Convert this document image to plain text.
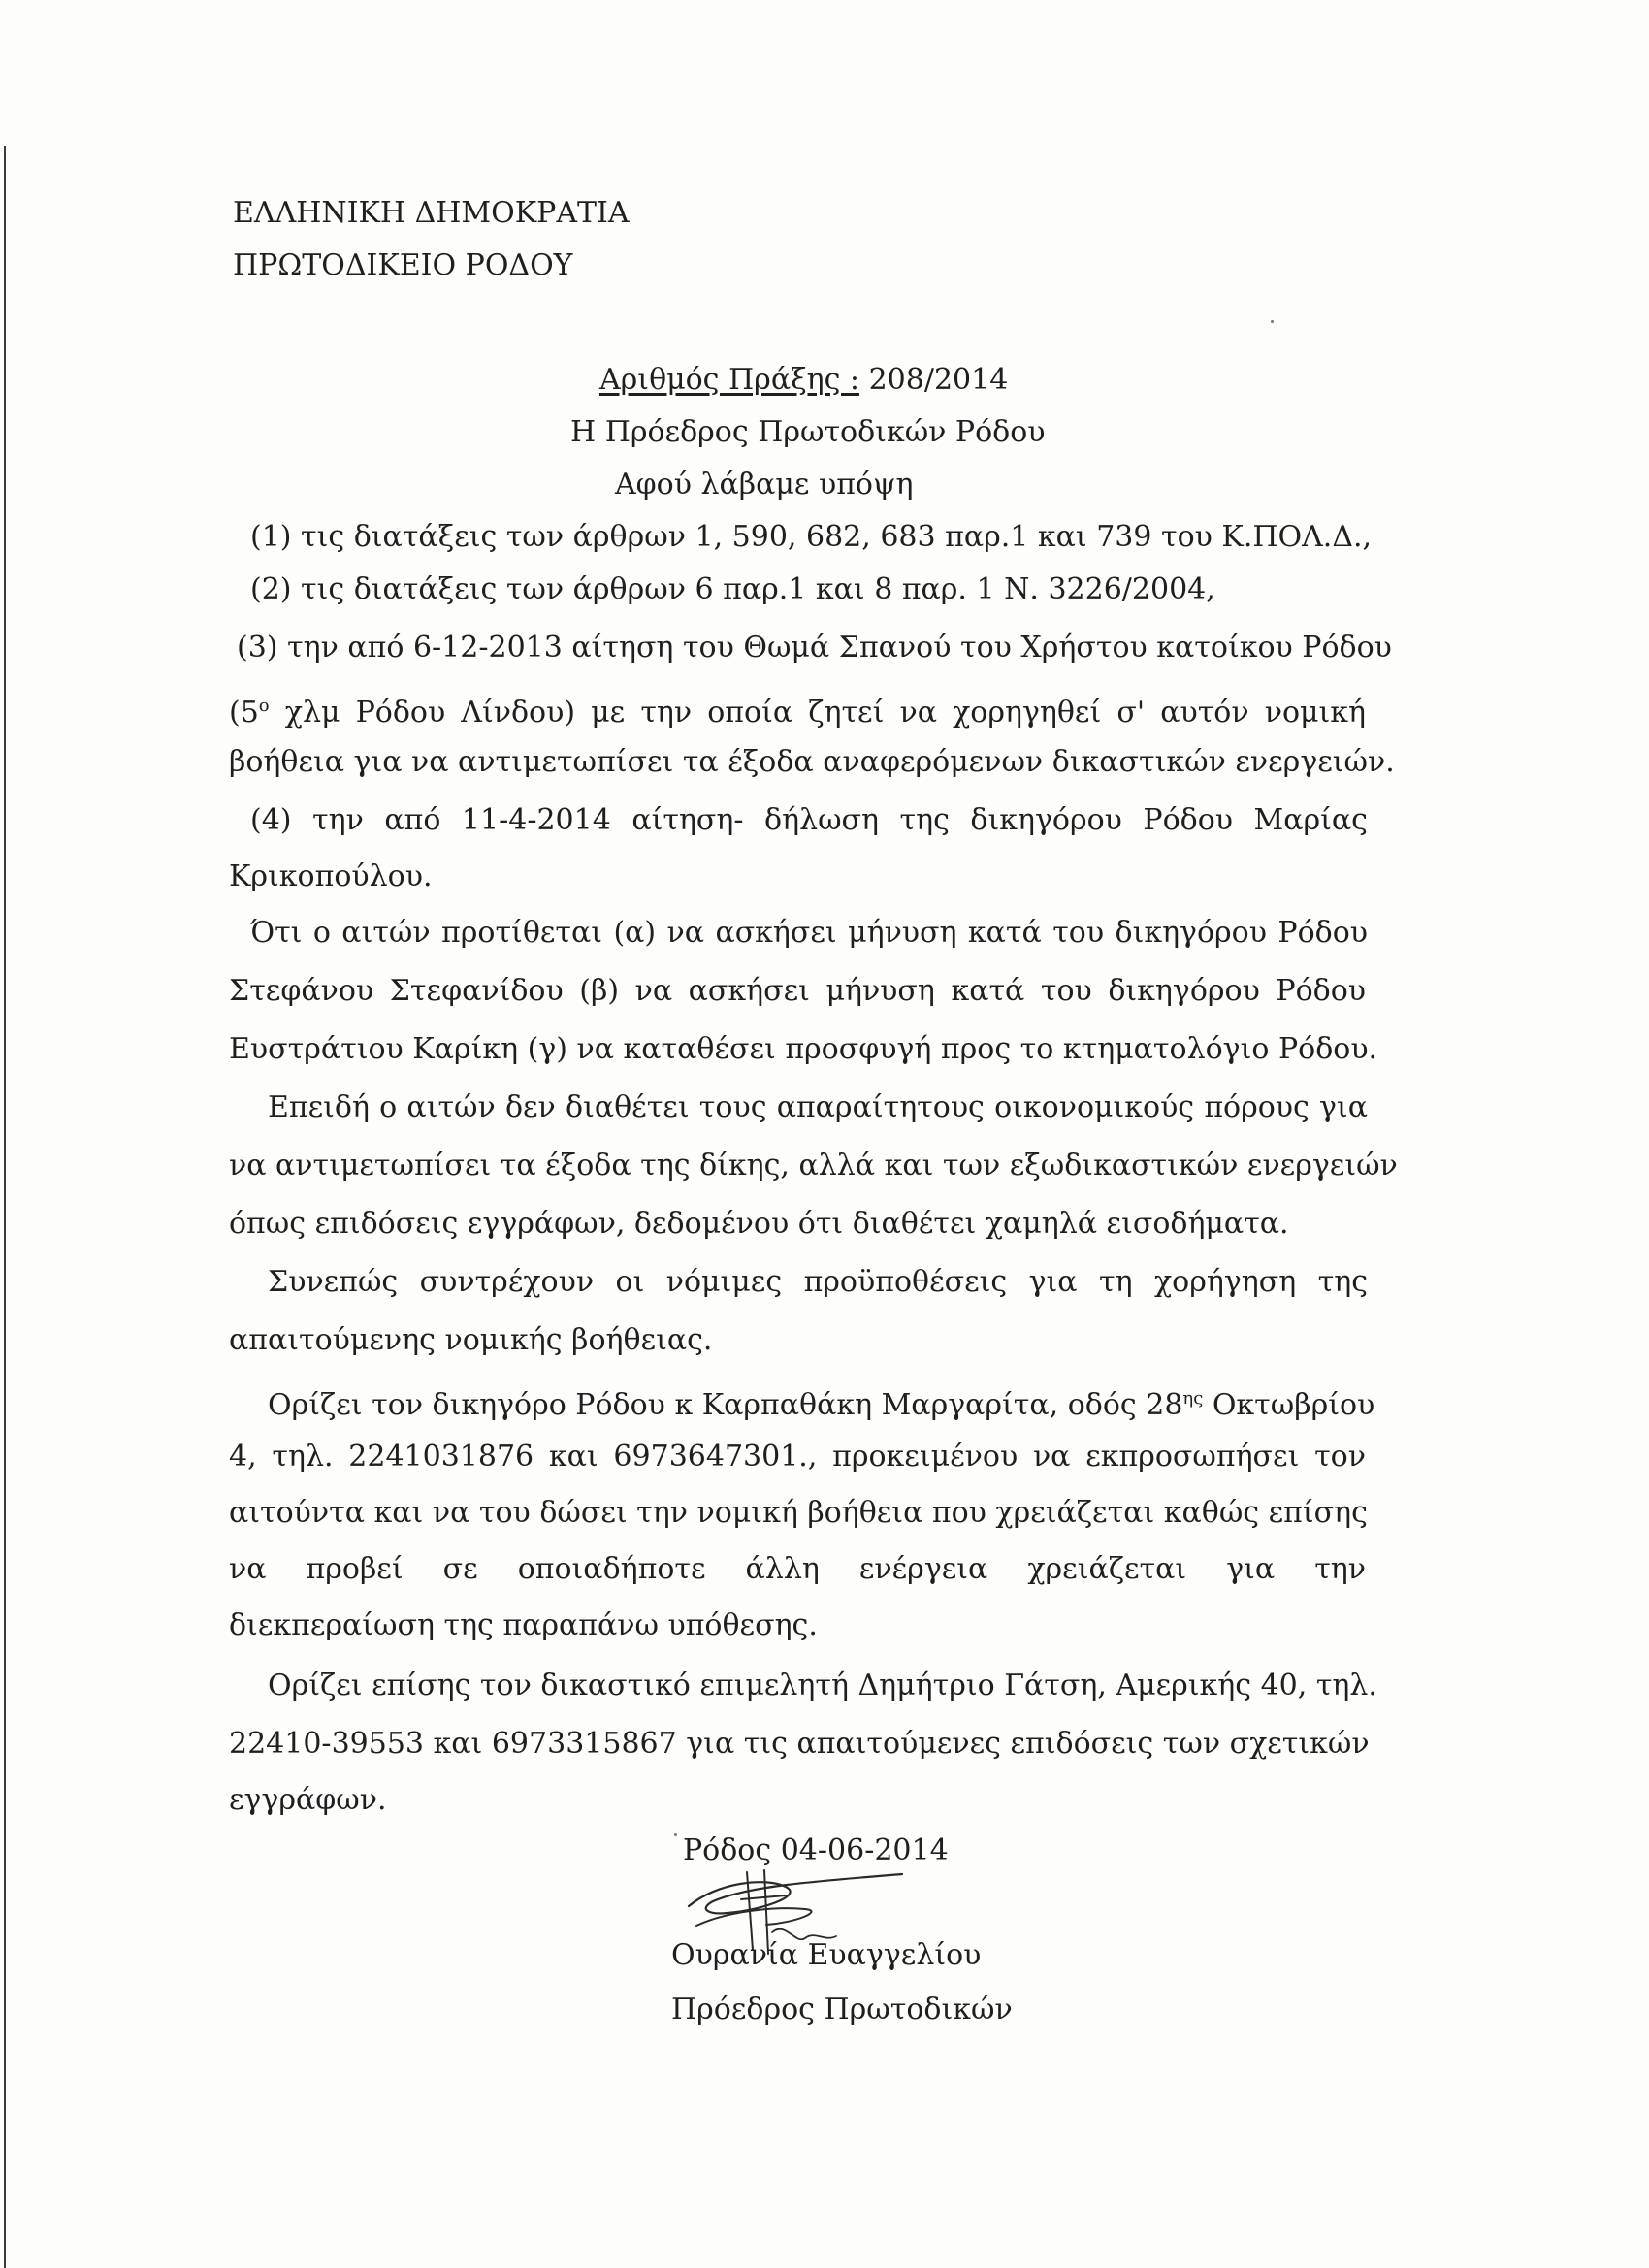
ΕΛΛΗΝΙΚΗ ΔΗΜΟΚΡΑΤΙΑ
ΠΡΩΤΟΔΙΚΕΙΟ ΡΟΔΟΥ
Αριθμός Πράξης : 208/2014
Η Πρόεδρος Πρωτοδικών Ρόδου
Αφού λάβαμε υπόψη
(1) τις διατάξεις των άρθρων 1, 590, 682, 683 παρ.1 και 739 του Κ.ΠΟΛ.Δ.,
(2) τις διατάξεις των άρθρων 6 παρ.1 και 8 παρ. 1 Ν. 3226/2004,
(3) την από 6-12-2013 αίτηση του Θωμά Σπανού του Χρήστου κατοίκου Ρόδου
($5^o$ χλμ Ρόδου Λίνδου) με την οποία ζητεί να χορηγηθεί σ' αυτόν νομική
βοήθεια για να αντιμετωπίσει τα έξοδα αναφερόμενων δικαστικών ενεργειών.
(4) την από 11-4-2014 αίτηση- δήλωση της δικηγόρου Ρόδου Μαρίας
Κρικοπούλου.
Ότι ο αιτών προτίθεται (α) να ασκήσει μήνυση κατά του δικηγόρου Ρόδου
Στεφάνου Στεφανίδου (β) να ασκήσει μήνυση κατά του δικηγόρου Ρόδου
Ευστράτιου Καρίκη (γ) να καταθέσει προσφυγή προς το κτηματολόγιο Ρόδου.
Επειδή ο αιτών δεν διαθέτει τους απαραίτητους οικονομικούς πόρους για
να αντιμετωπίσει τα έξοδα της δίκης, αλλά και των εξωδικαστικών ενεργειών
όπως επιδόσεις εγγράφων, δεδομένου ότι διαθέτει χαμηλά εισοδήματα.
Συνεπώς συντρέχουν οι νόμιμες προϋποθέσεις για τη χορήγηση της
απαιτούμενης νομικής βοήθειας.
Ορίζει τον δικηγόρο Ρόδου κ Καρπαθάκη Μαργαρίτα, οδός $28^{\eta\varsigma}$ Οκτωβρίου
4, τηλ. 2241031876 και 6973647301., προκειμένου να εκπροσωπήσει τον
αιτούντα και να του δώσει την νομική βοήθεια που χρειάζεται καθώς επίσης
να προβεί σε οποιαδήποτε άλλη ενέργεια χρειάζεται για την
διεκπεραίωση της παραπάνω υπόθεσης.
Ορίζει επίσης τον δικαστικό επιμελητή Δημήτριο Γάτση, Αμερικής 40, τηλ.
22410-39553 και 6973315867 για τις απαιτούμενες επιδόσεις των σχετικών
εγγράφων.
Ρόδος 04-06-2014
Ουρανία Ευαγγελίου
Πρόεδρος Πρωτοδικών
